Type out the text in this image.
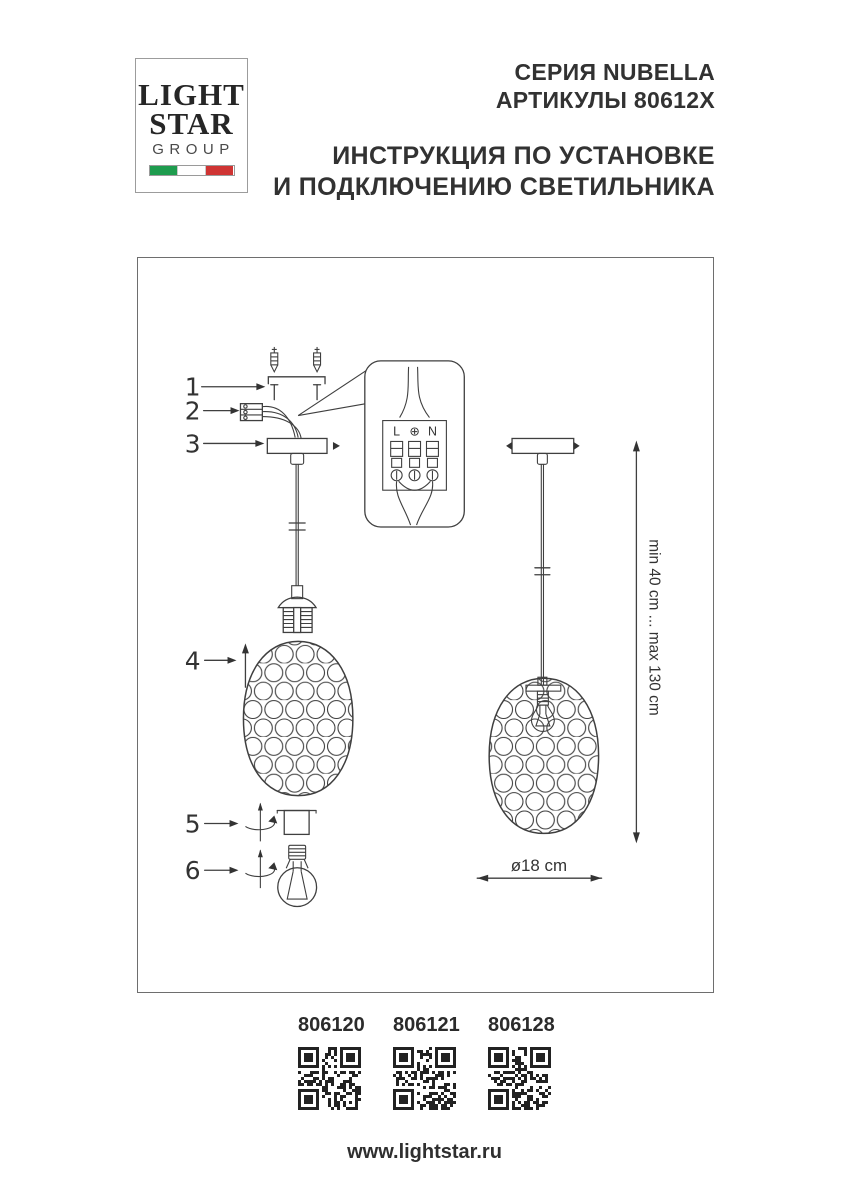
LIGHT
STAR
GROUP
СЕРИЯ NUBELLA
АРТИКУЛЫ 80612X
ИНСТРУКЦИЯ ПО УСТАНОВКЕ
И ПОДКЛЮЧЕНИЮ СВЕТИЛЬНИКА
1
2
3
4
5
6
L ⊕ N
min 40 cm ... max 130 cm
ø18 cm
806120 806121 806128
www.lightstar.ru
